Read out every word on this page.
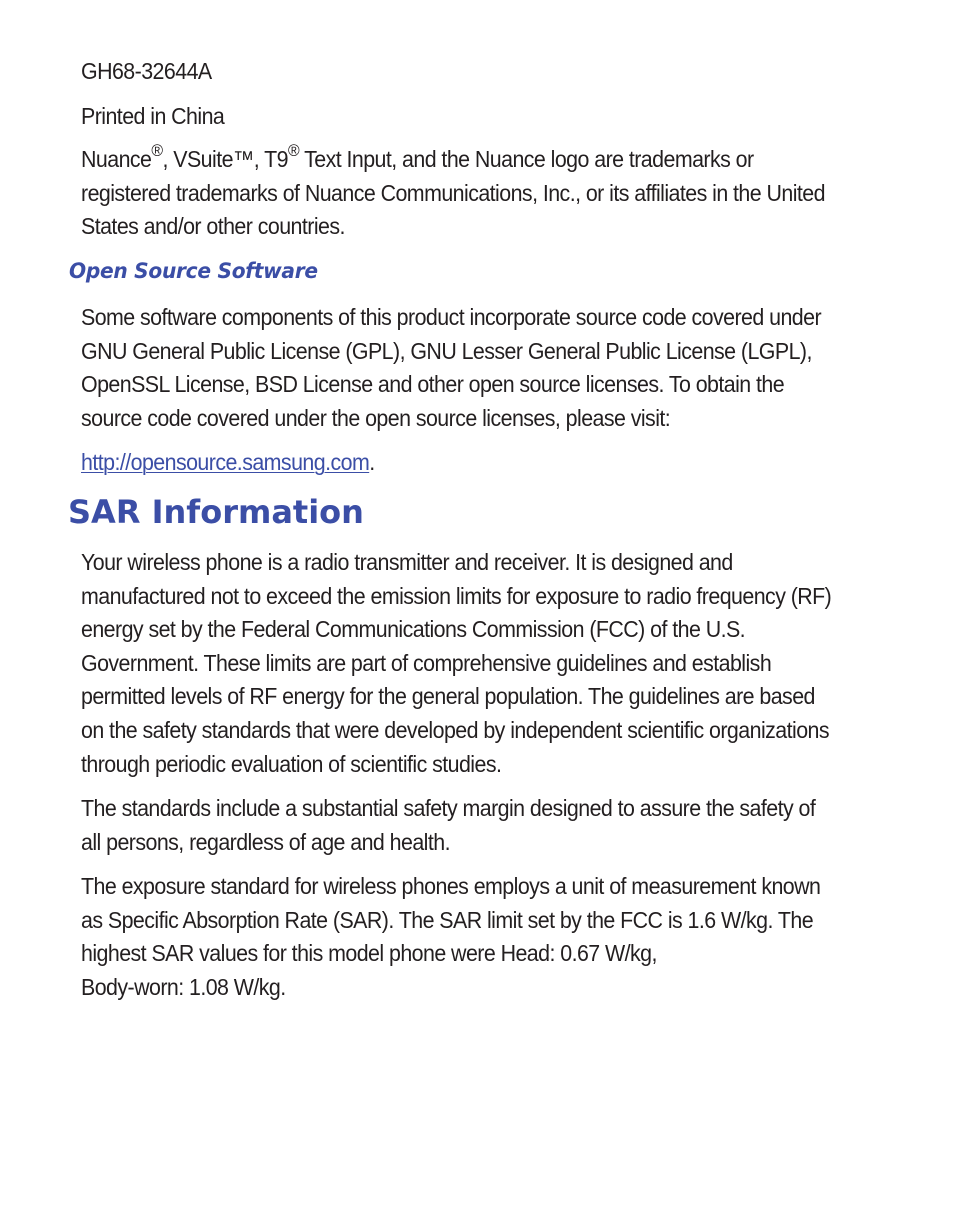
GH68-32644A

Printed in China

Nuance®, VSuite™, T9® Text Input, and the Nuance logo are trademarks or
registered trademarks of Nuance Communications, Inc., or its affiliates in the United
States and/or other countries.

Open Source Software

Some software components of this product incorporate source code covered under
GNU General Public License (GPL), GNU Lesser General Public License (LGPL),
OpenSSL License, BSD License and other open source licenses. To obtain the
source code covered under the open source licenses, please visit:

http://opensource.samsung.com.

SAR Information

Your wireless phone is a radio transmitter and receiver. It is designed and
manufactured not to exceed the emission limits for exposure to radio frequency (RF)
energy set by the Federal Communications Commission (FCC) of the U.S.
Government. These limits are part of comprehensive guidelines and establish
permitted levels of RF energy for the general population. The guidelines are based
on the safety standards that were developed by independent scientific organizations
through periodic evaluation of scientific studies.

The standards include a substantial safety margin designed to assure the safety of
all persons, regardless of age and health.

The exposure standard for wireless phones employs a unit of measurement known
as Specific Absorption Rate (SAR). The SAR limit set by the FCC is 1.6 W/kg. The
highest SAR values for this model phone were Head: 0.67 W/kg,
Body-worn: 1.08 W/kg.
